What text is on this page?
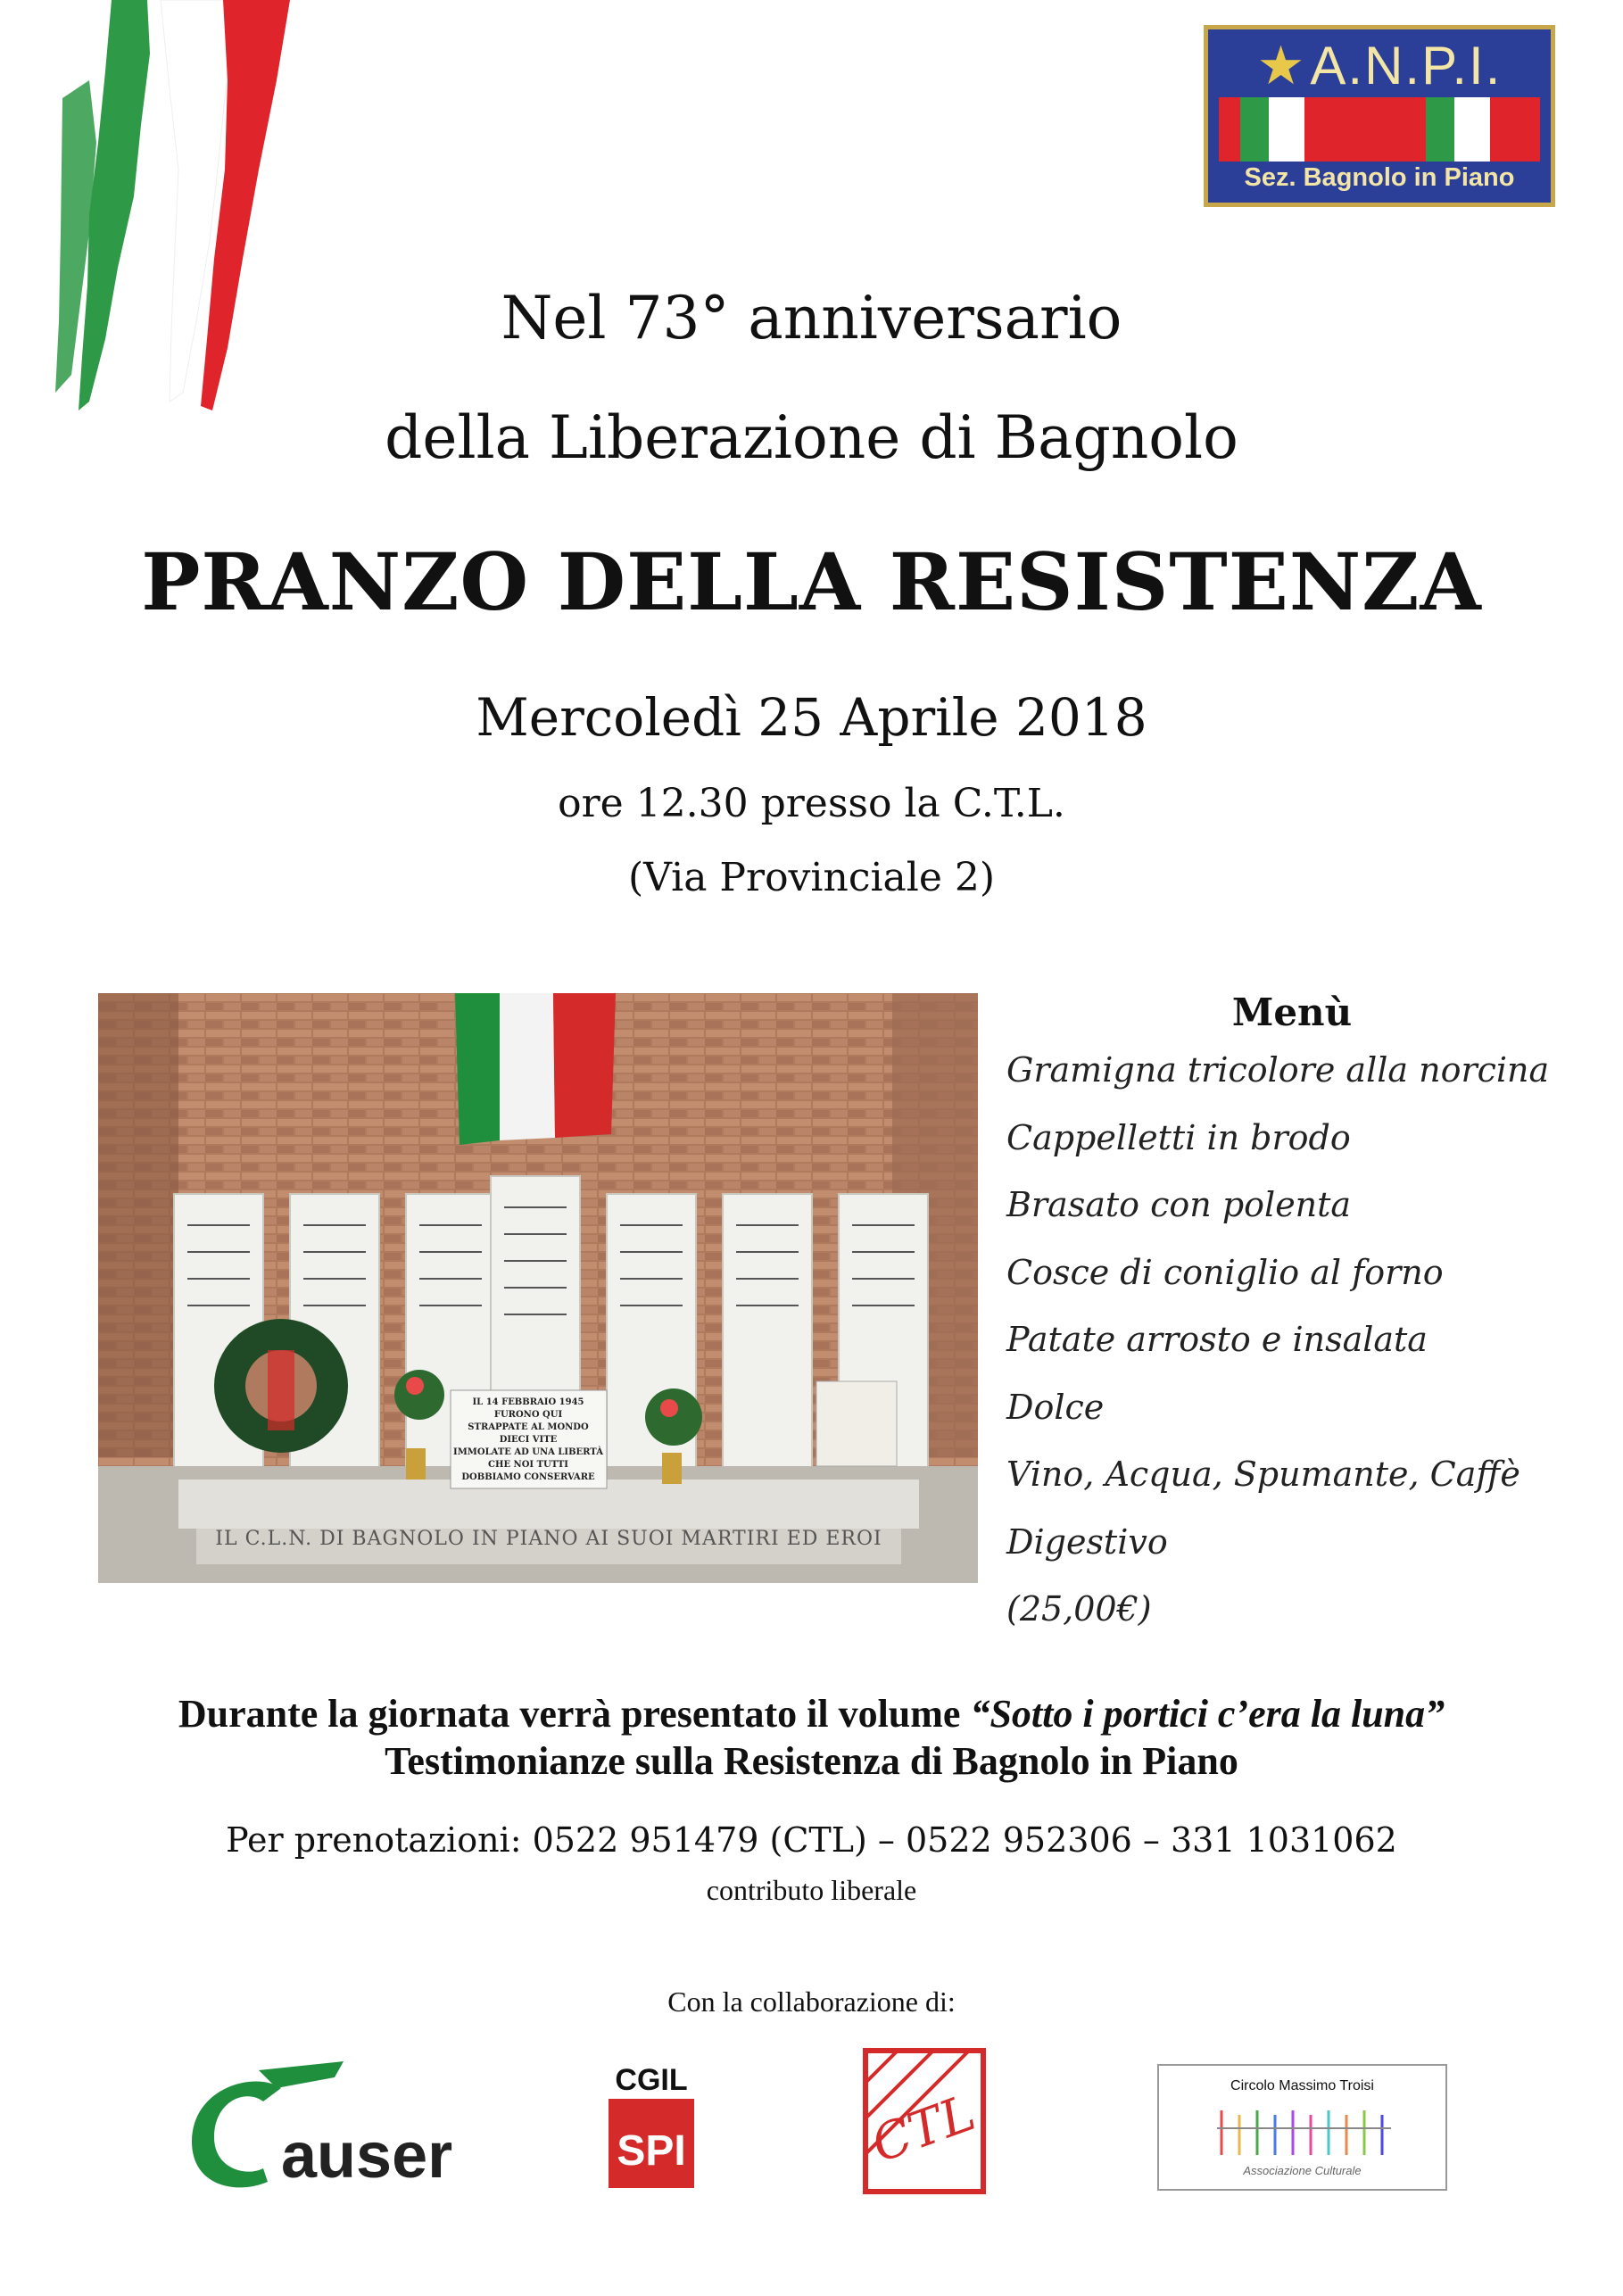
★A.N.P.I.
Sez. Bagnolo in Piano
Nel 73° anniversario
della Liberazione di Bagnolo
PRANZO DELLA RESISTENZA
Mercoledì 25 Aprile 2018
ore 12.30 presso la C.T.L.
(Via Provinciale 2)
IL 14 FEBBRAIO 1945
FURONO QUI
STRAPPATE AL MONDO
DIECI VITE
IMMOLATE AD UNA LIBERTÀ
CHE NOI TUTTI
DOBBIAMO CONSERVARE
IL C.L.N. DI BAGNOLO IN PIANO AI SUOI MARTIRI ED EROI
Menù
Gramigna tricolore alla norcina
Cappelletti in brodo
Brasato con polenta
Cosce di coniglio al forno
Patate arrosto e insalata
Dolce
Vino, Acqua, Spumante, Caffè
Digestivo
(25,00€)
Durante la giornata verrà presentato il volume “Sotto i portici c’era la luna”
Testimonianze sulla Resistenza di Bagnolo in Piano
Per prenotazioni: 0522 951479 (CTL) – 0522 952306 – 331 1031062
contributo liberale
Con la collaborazione di:
auser
CGIL
SPI	CTL	Circolo Massimo Troisi
Associazione Culturale
